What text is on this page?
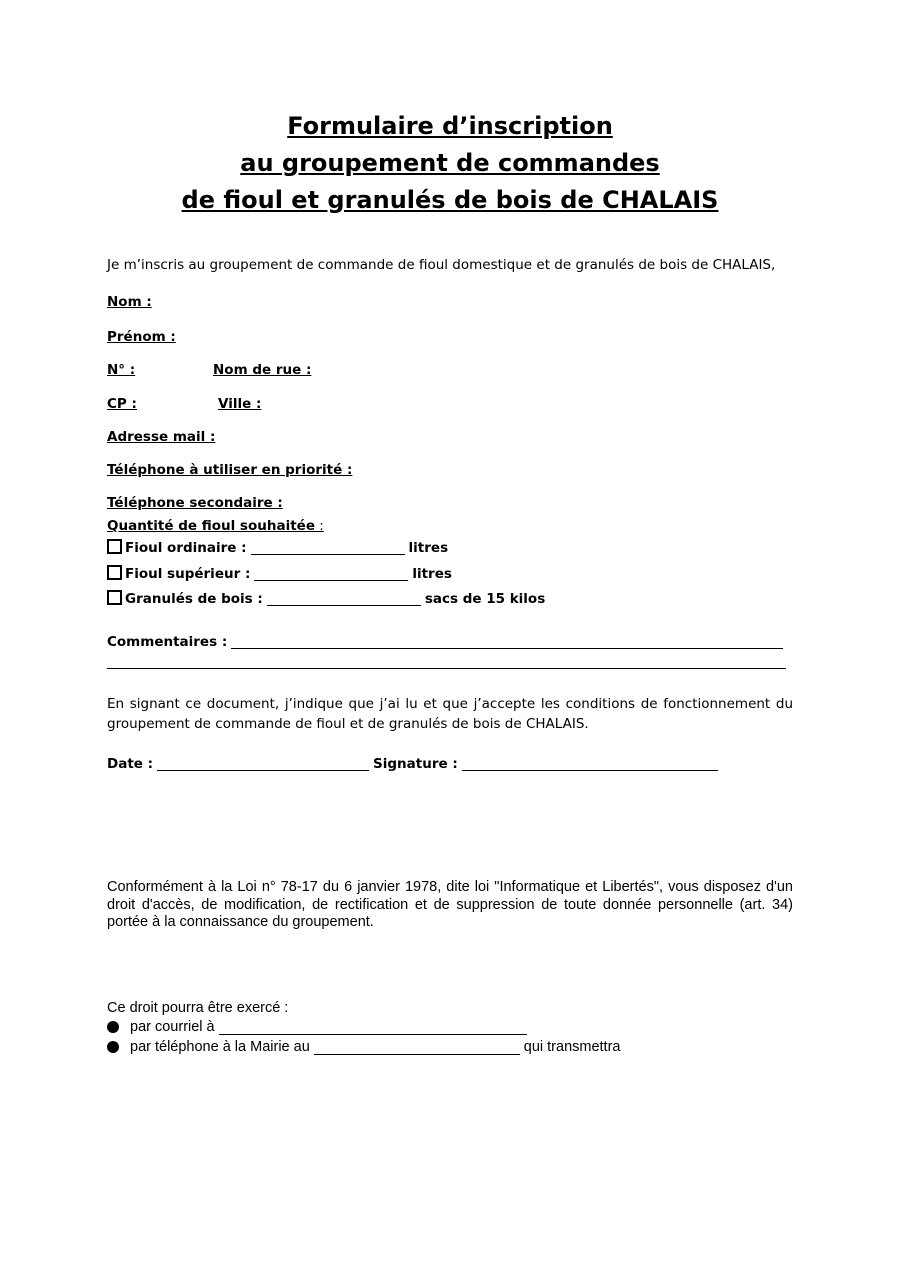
Formulaire d’inscription
au groupement de commandes
de fioul et granulés de bois de CHALAIS
Je m’inscris au groupement de commande de fioul domestique et de granulés de bois de CHALAIS,
Nom :
Prénom :
N° :	Nom de rue :
CP :	Ville :
Adresse mail :
Téléphone à utiliser en priorité :
Téléphone secondaire :
Quantité de fioul souhaitée :
Fioul ordinaire :	litres
Fioul supérieur :	litres
Granulés de bois :	sacs de 15 kilos
Commentaires :
En signant ce document, j’indique que j’ai lu et que j’accepte les conditions de fonctionnement du groupement de commande de fioul et de granulés de bois de CHALAIS.
Date :	Signature :
Conformément à la Loi n° 78-17 du 6 janvier 1978, dite loi "Informatique et Libertés", vous disposez d'un droit d'accès, de modification, de rectification et de suppression de toute donnée personnelle (art. 34) portée à la connaissance du groupement.
Ce droit pourra être exercé :
par courriel à
par téléphone à la Mairie au	qui transmettra
